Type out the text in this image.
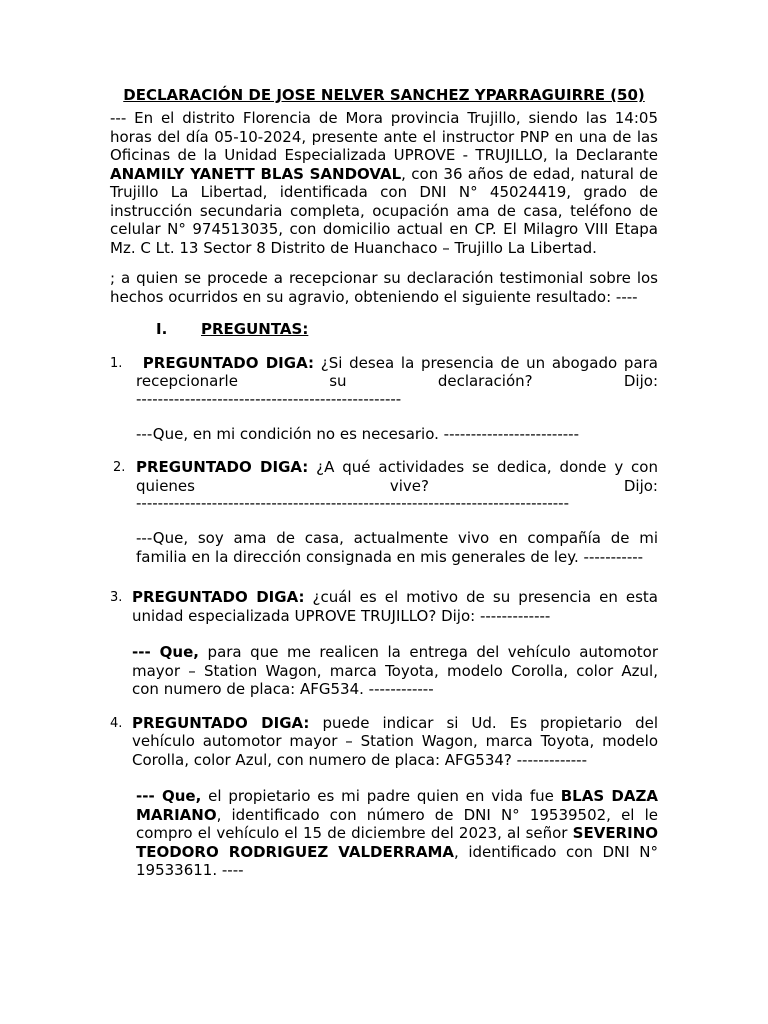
DECLARACIÓN DE JOSE NELVER SANCHEZ YPARRAGUIRRE (50)

--- En el distrito Florencia de Mora provincia Trujillo, siendo las 14:05 horas del día 05-10-2024, presente ante el instructor PNP en una de las Oficinas de la Unidad Especializada UPROVE - TRUJILLO, la Declarante ANAMILY YANETT BLAS SANDOVAL, con 36 años de edad, natural de Trujillo La Libertad, identificada con DNI N° 45024419, grado de instrucción secundaria completa, ocupación ama de casa, teléfono de celular N° 974513035, con domicilio actual en CP. El Milagro VIII Etapa Mz. C Lt. 13 Sector 8 Distrito de Huanchaco – Trujillo La Libertad.

; a quien se procede a recepcionar su declaración testimonial sobre los hechos ocurridos en su agravio, obteniendo el siguiente resultado: ----

I. PREGUNTAS:
1.	PREGUNTADO DIGA: ¿Si desea la presencia de un abogado para recepcionarle su declaración? Dijo:

-------------------------------------------------

---Que, en mi condición no es necesario. -------------------------

2. PREGUNTADO DIGA: ¿A qué actividades se dedica, donde y con quienes vive? Dijo:

--------------------------------------------------------------------------------

---Que, soy ama de casa, actualmente vivo en compañía de mi familia en la dirección consignada en mis generales de ley. -----------

3. PREGUNTADO DIGA: ¿cuál es el motivo de su presencia en esta unidad especializada UPROVE TRUJILLO? Dijo: -------------

--- Que, para que me realicen la entrega del vehículo automotor mayor – Station Wagon, marca Toyota, modelo Corolla, color Azul, con numero de placa: AFG534. ------------

4. PREGUNTADO DIGA: puede indicar si Ud. Es propietario del vehículo automotor mayor – Station Wagon, marca Toyota, modelo Corolla, color Azul, con numero de placa: AFG534? -------------

--- Que, el propietario es mi padre quien en vida fue BLAS DAZA MARIANO, identificado con número de DNI N° 19539502, el le compro el vehículo el 15 de diciembre del 2023, al señor SEVERINO TEODORO RODRIGUEZ VALDERRAMA, identificado con DNI N° 19533611. ----
